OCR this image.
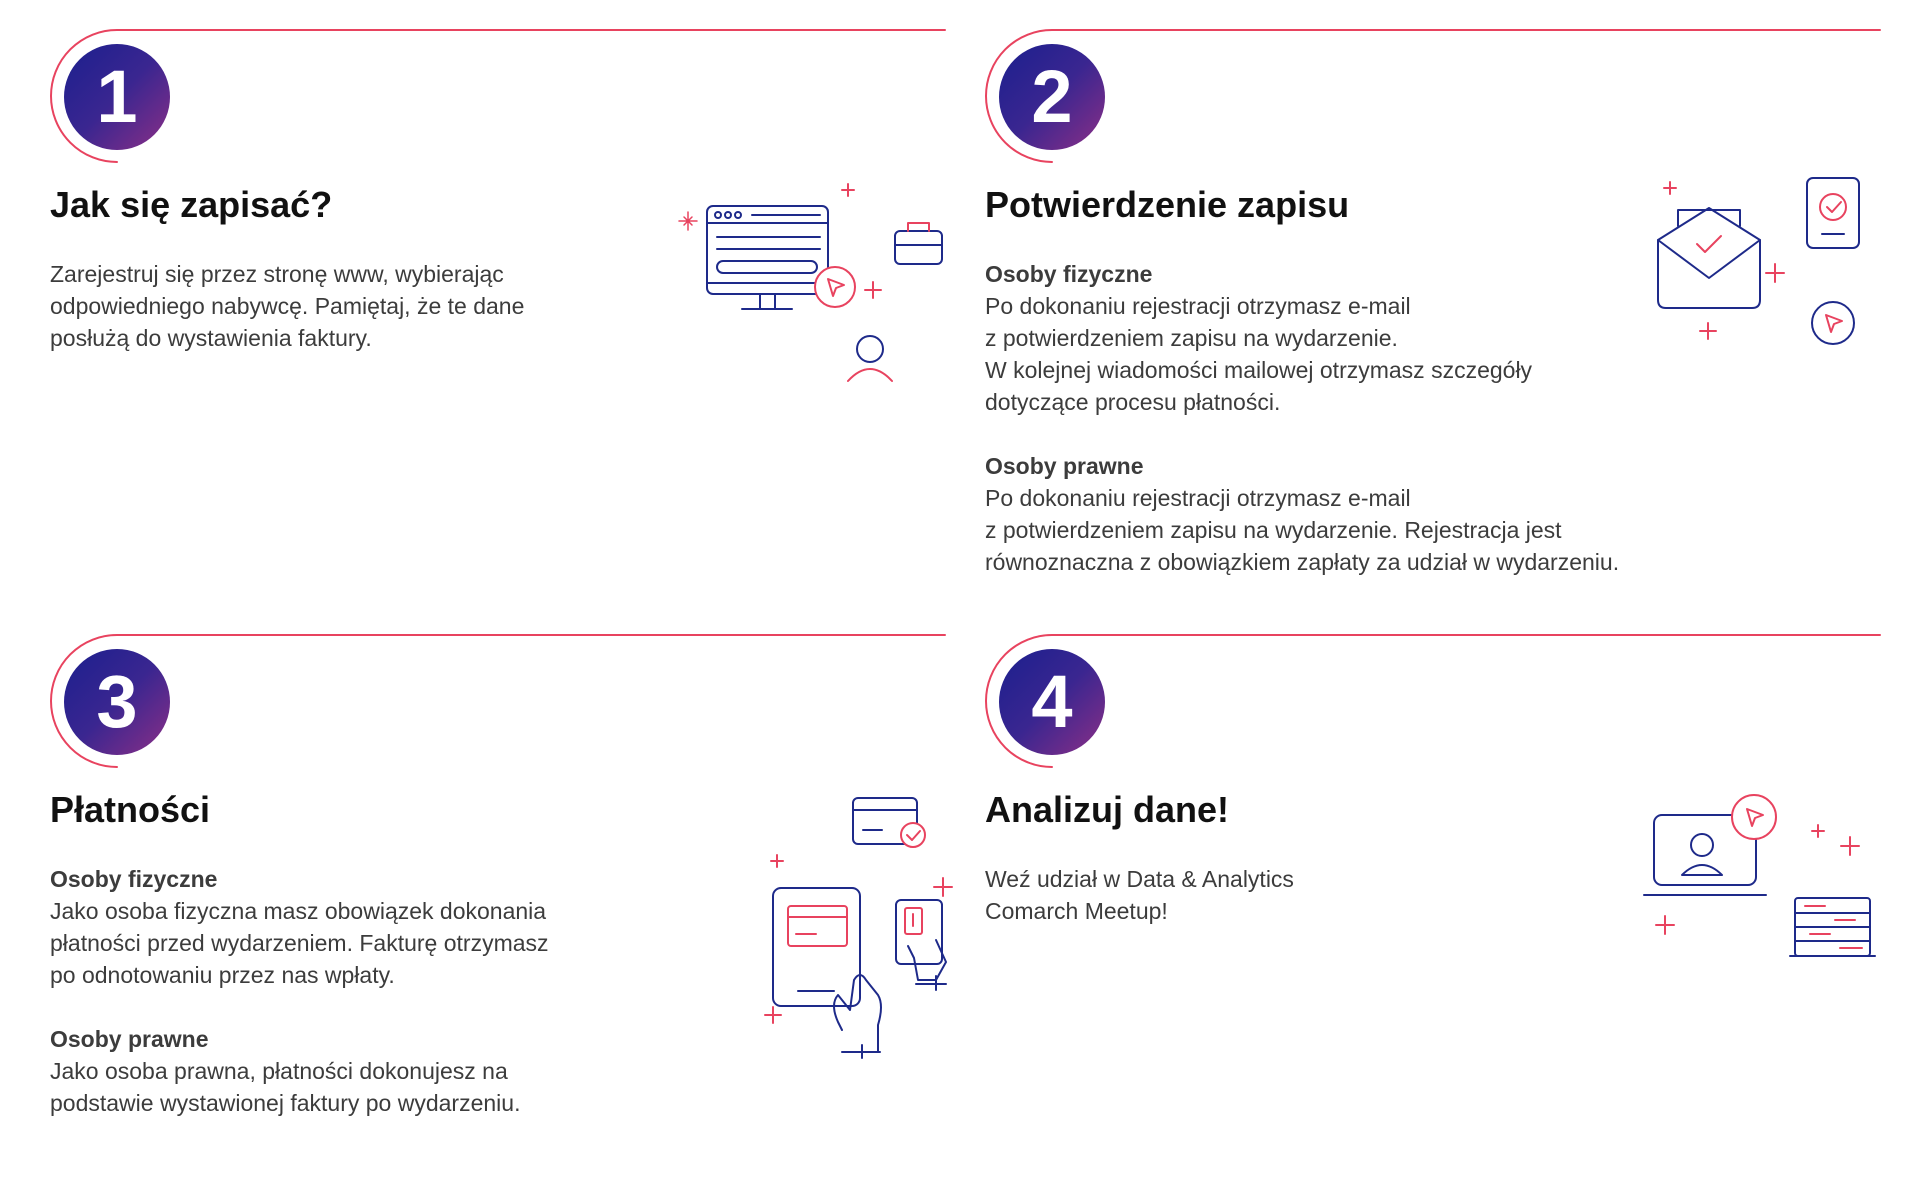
1
Jak się zapisać?

Zarejestruj się przez stronę www, wybierając
odpowiedniego nabywcę. Pamiętaj, że te dane
posłużą do wystawienia faktury.

2
Potwierdzenie zapisu

Osoby fizyczne
Po dokonaniu rejestracji otrzymasz e-mail
z potwierdzeniem zapisu na wydarzenie.
W kolejnej wiadomości mailowej otrzymasz szczegóły
dotyczące procesu płatności.

Osoby prawne
Po dokonaniu rejestracji otrzymasz e-mail
z potwierdzeniem zapisu na wydarzenie. Rejestracja jest
równoznaczna z obowiązkiem zapłaty za udział w wydarzeniu.

3
Płatności

Osoby fizyczne
Jako osoba fizyczna masz obowiązek dokonania
płatności przed wydarzeniem. Fakturę otrzymasz
po odnotowaniu przez nas wpłaty.

Osoby prawne
Jako osoba prawna, płatności dokonujesz na
podstawie wystawionej faktury po wydarzeniu.

4
Analizuj dane!

Weź udział w Data & Analytics
Comarch Meetup!
